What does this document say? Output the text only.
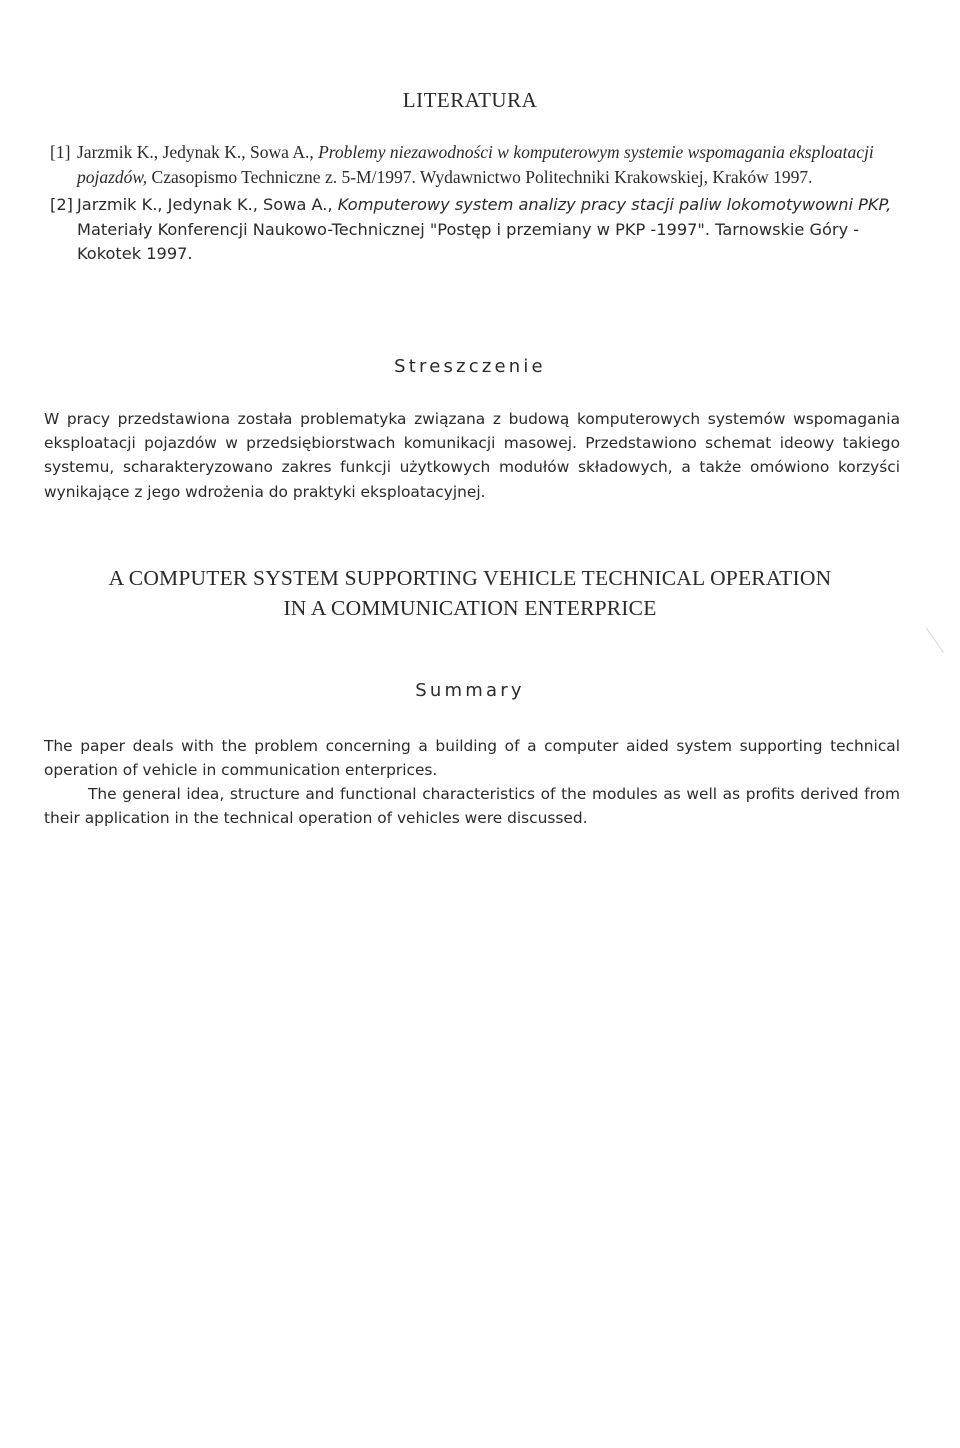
LITERATURA

[1] Jarzmik K., Jedynak K., Sowa A., Problemy niezawodności w komputerowym systemie wspomagania eksploatacji pojazdów, Czasopismo Techniczne z. 5-M/1997. Wydawnictwo Politechniki Krakowskiej, Kraków 1997.

[2] Jarzmik K., Jedynak K., Sowa A., Komputerowy system analizy pracy stacji paliw lokomotywowni PKP, Materiały Konferencji Naukowo-Technicznej "Postęp i przemiany w PKP -1997". Tarnowskie Góry - Kokotek 1997.

Streszczenie

W pracy przedstawiona została problematyka związana z budową komputerowych systemów wspomagania eksploatacji pojazdów w przedsiębiorstwach komunikacji masowej. Przedstawiono schemat ideowy takiego systemu, scharakteryzowano zakres funkcji użytkowych modułów składowych, a także omówiono korzyści wynikające z jego wdrożenia do praktyki eksploatacyjnej.

A COMPUTER SYSTEM SUPPORTING VEHICLE TECHNICAL OPERATION
IN A COMMUNICATION ENTERPRICE
Summary

The paper deals with the problem concerning a building of a computer aided system supporting technical operation of vehicle in communication enterprices.

The general idea, structure and functional characteristics of the modules as well as profits derived from their application in the technical operation of vehicles were discussed.
